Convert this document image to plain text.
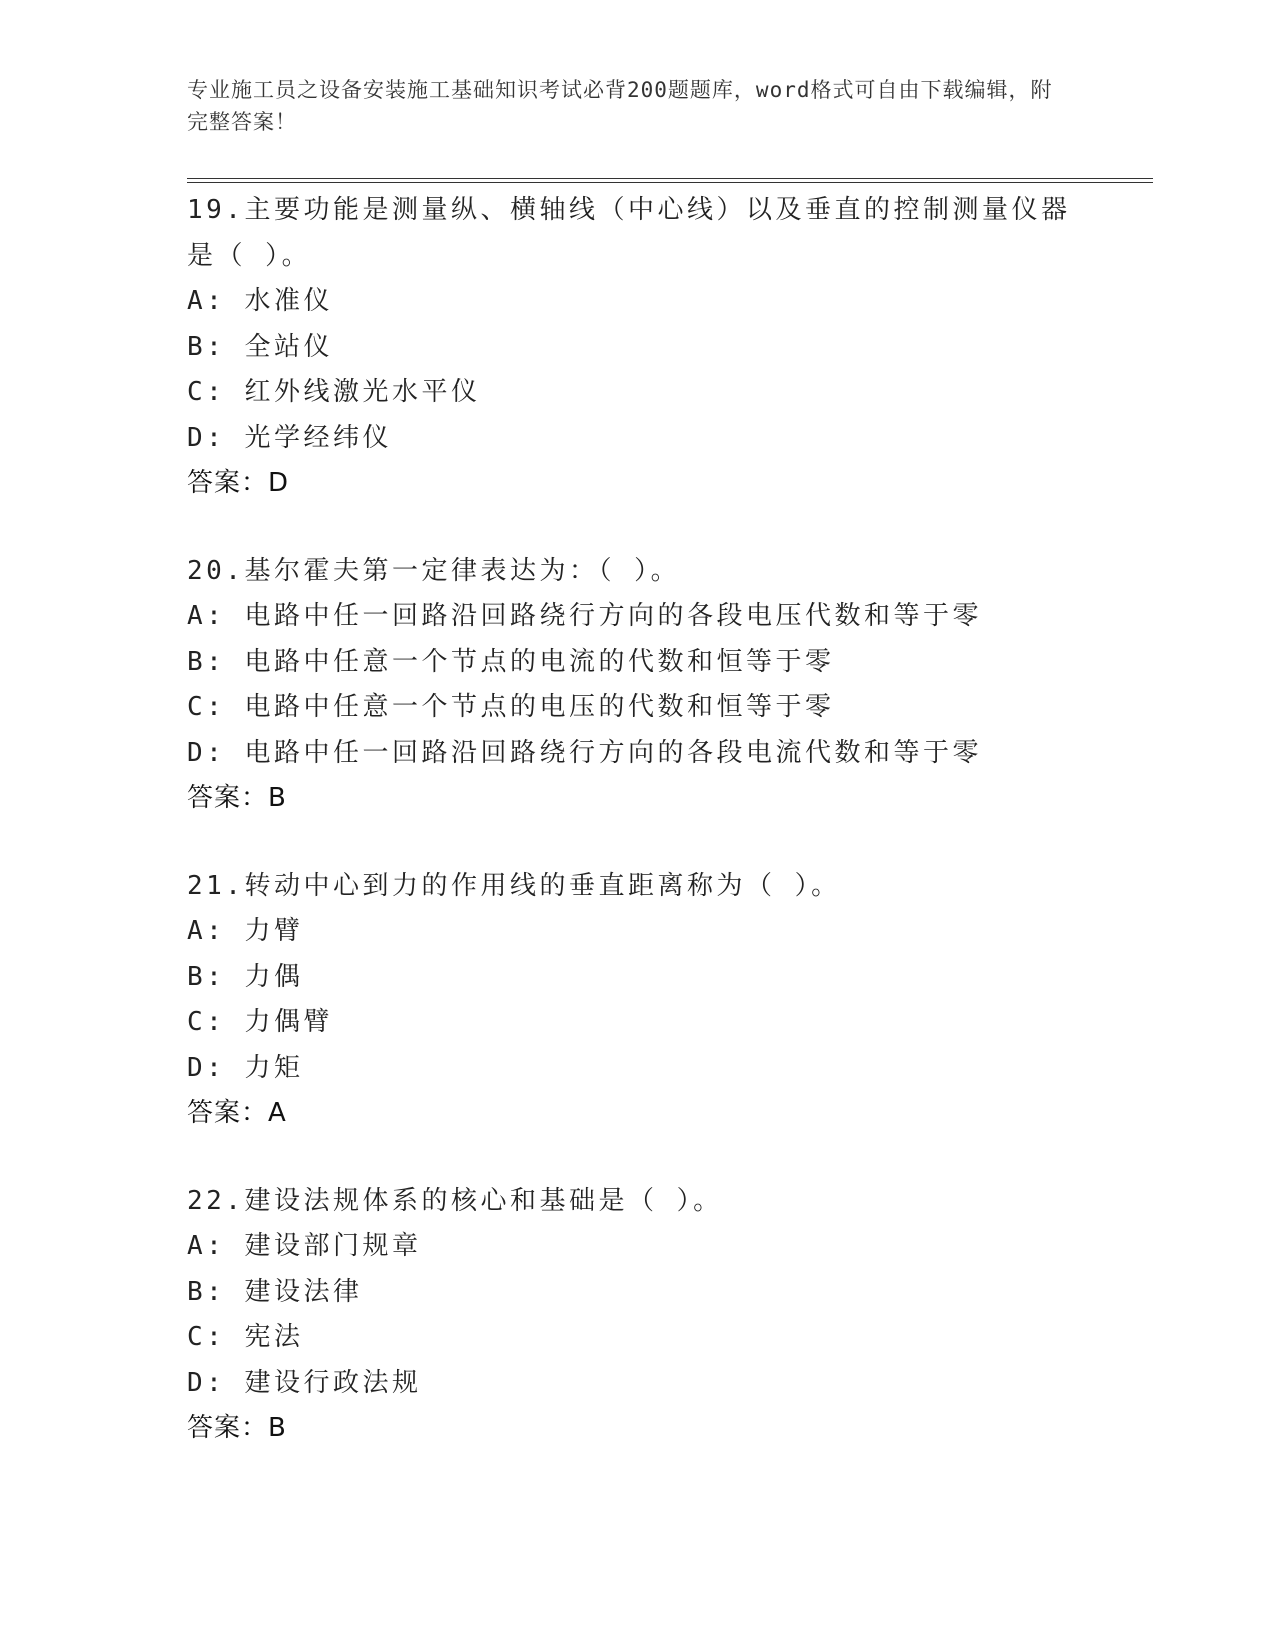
专业施工员之设备安装施工基础知识考试必背200题题库，word格式可自由下载编辑，附完整答案！
19.主要功能是测量纵、横轴线（中心线）以及垂直的控制测量仪器是（ ）。
A: 水准仪
B: 全站仪
C: 红外线激光水平仪
D: 光学经纬仪
答案：D
20.基尔霍夫第一定律表达为：（ ）。
A: 电路中任一回路沿回路绕行方向的各段电压代数和等于零
B: 电路中任意一个节点的电流的代数和恒等于零
C: 电路中任意一个节点的电压的代数和恒等于零
D: 电路中任一回路沿回路绕行方向的各段电流代数和等于零
答案：B
21.转动中心到力的作用线的垂直距离称为（ ）。
A: 力臂
B: 力偶
C: 力偶臂
D: 力矩
答案：A
22.建设法规体系的核心和基础是（ ）。
A: 建设部门规章
B: 建设法律
C: 宪法
D: 建设行政法规
答案：B
